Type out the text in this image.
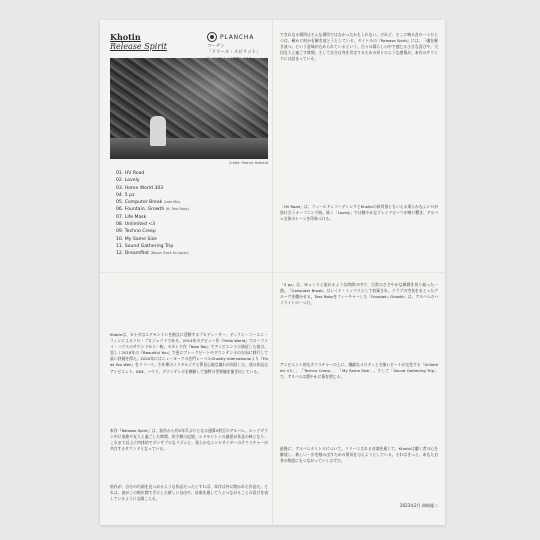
Khotin
Release Spirit
PLANCHA
コーチン
「リリース・スピリット」
Credit: Patrick Holland
01. HV Road
02. Lovely
03. Home World 303
04. 5 pz
05. Computer Break (Late Mix)
06. Fountain, Growth (ft. Tess Roby)
07. Life Mask
08. Unlimited <3
09. Techno Creep
10. My Same Size
11. Sound Gathering Trip
12. Dreamfilot (Bonus Track for Japan)

Khotinは、カナダはエドモントンを拠点に活動するプロデューサー、ディラン・コーエン・フィンによるソロ・プロジェクトである。2014年のデビュー作『Hello World』でローファイ・ハウスのサウンドから一転、セカンド作『New Tab』でアンビエントに接近した彼は、翌しく2018年の『Beautiful You』で更にブレークビートやダウンテンポの方向に移行して高い評価を得た。2020年にはニューヨークの名門レーベルGhostly Internationalより『Finds You Well』をリリース。少年期のノスタルジアと夢見心地な憧れが同居した、彼の作品はアンビエント、IDM、ハウス、ダウンテンポを横断して独特の世界観を描き出している。

本作『Release Spirit』は、前作から約2年半ぶりとなる通算5枚目のアルバム。ロックダウン中に家族や友人と過ごした時間、幼少期の記憶、エドモントンの風景が作品の核となり、これまで以上に肉体的でダンサブルなリズムと、柔らかなシンセサイザーのテクスチャーが共存するサウンドとなっている。

前作が、自分の内面を見つめるような作品だったとすれば、本作は外に開かれた作品だ。それは、彼がこの数年間で手にした新しい自由や、音楽を通して人とつながることの喜びを表しているようにも聞こえる。

できれなる場所はそんな場所ではなかったかもしれない。けれど、そこに鳴る音の一つひとつは、確かに何かを解き放とうとしている。タイトルの『Release Spirit』には、「魂を解き放つ」という意味が込められているという。日々の暮らしの中で感じる小さな喜びや、大切な人と過ごす時間、そして自分自身を肯定するための祈りのような感情が、本作のサウンドには詰まっている。

「HV Road」は、フィールドレコーディングとKhotinの真骨頂ともいえる柔らかなシンセが溶け合うオープニング曲。続く「Lovely」では軽やかなブレイクビーツが鳴り響き、アルバム全体のトーンを印象づける。

「5 pz」は、ゆっくりと流れるような時間の中で、日常のささやかな瞬間を切り取った一曲。「Computer Break」はレイト・ミックスとして収録され、クラブの空気をまとったグルーヴを聴かせる。Tess Robyをフィーチャーした「Fountain, Growth」は、アルバムのハイライトの一つだ。

アンビエント的なテクスチャーの上に、繊細なメロディと力強いビートが交差する「Unlimited <3」、「Techno Creep」、「My Same Size」。そして「Sound Gathering Trip」で、アルバムは穏やかに幕を閉じる。

最後に、アルバムタイトルについて。リリースされる音楽を通して、Khotinは聴く者の心を解放し、新しい一歩を踏み出すための勇気を与えようとしている。それはきっと、あなた自身の物語にもつながっていくはずだ。

2023年2月 岡崎隆二
